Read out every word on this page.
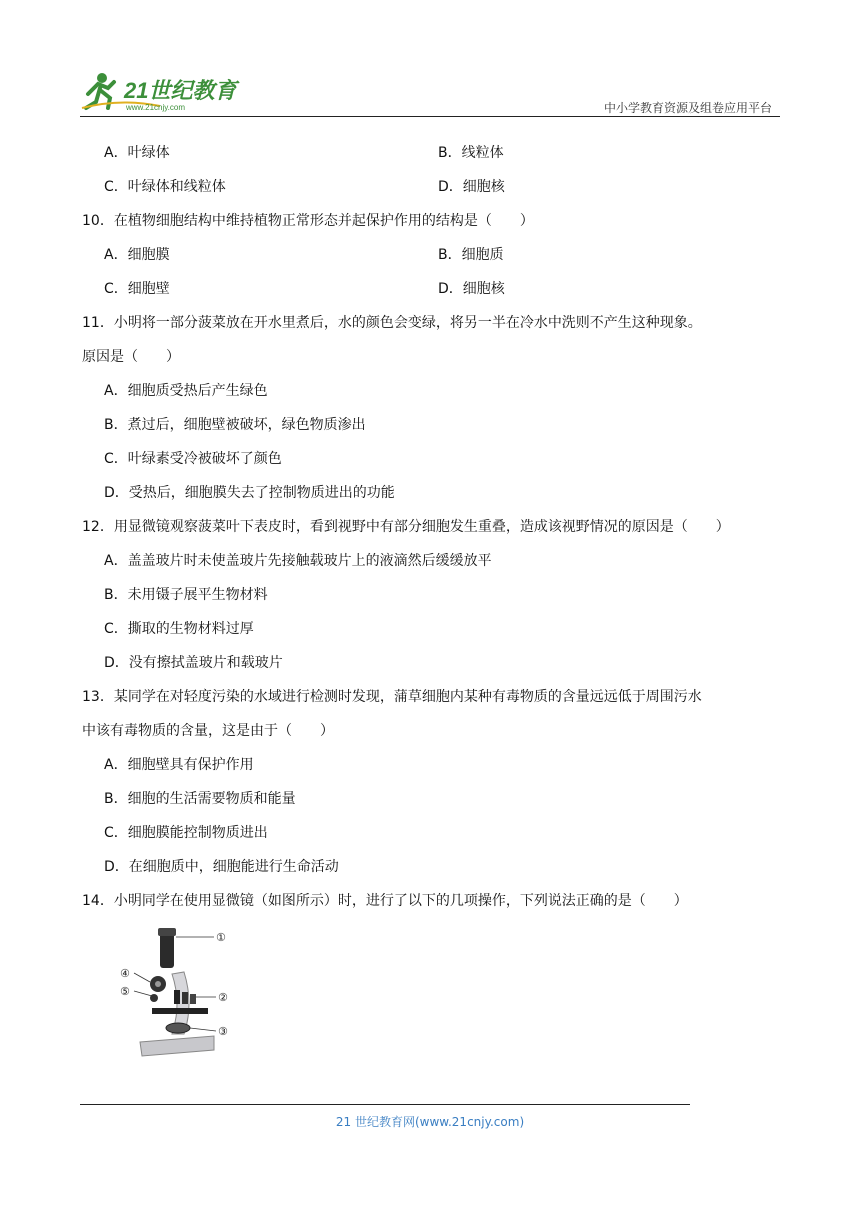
21世纪教育
www.21cnjy.com	中小学教育资源及组卷应用平台
A．叶绿体	B．线粒体
C．叶绿体和线粒体	D．细胞核
10．在植物细胞结构中维持植物正常形态并起保护作用的结构是（　　）
A．细胞膜	B．细胞质
C．细胞壁	D．细胞核
11．小明将一部分菠菜放在开水里煮后，水的颜色会变绿，将另一半在冷水中洗则不产生这种现象。
原因是（　　）
A．细胞质受热后产生绿色
B．煮过后，细胞壁被破坏，绿色物质渗出
C．叶绿素受冷被破坏了颜色
D．受热后，细胞膜失去了控制物质进出的功能
12．用显微镜观察菠菜叶下表皮时，看到视野中有部分细胞发生重叠，造成该视野情况的原因是（　　）
A．盖盖玻片时未使盖玻片先接触载玻片上的液滴然后缓缓放平
B．未用镊子展平生物材料
C．撕取的生物材料过厚
D．没有擦拭盖玻片和载玻片
13．某同学在对轻度污染的水域进行检测时发现，蒲草细胞内某种有毒物质的含量远远低于周围污水
中该有毒物质的含量，这是由于（　　）
A．细胞壁具有保护作用
B．细胞的生活需要物质和能量
C．细胞膜能控制物质进出
D．在细胞质中，细胞能进行生命活动
14．小明同学在使用显微镜（如图所示）时，进行了以下的几项操作，下列说法正确的是（　　）
①
②
③
④
⑤
21 世纪教育网(www.21cnjy.com)
